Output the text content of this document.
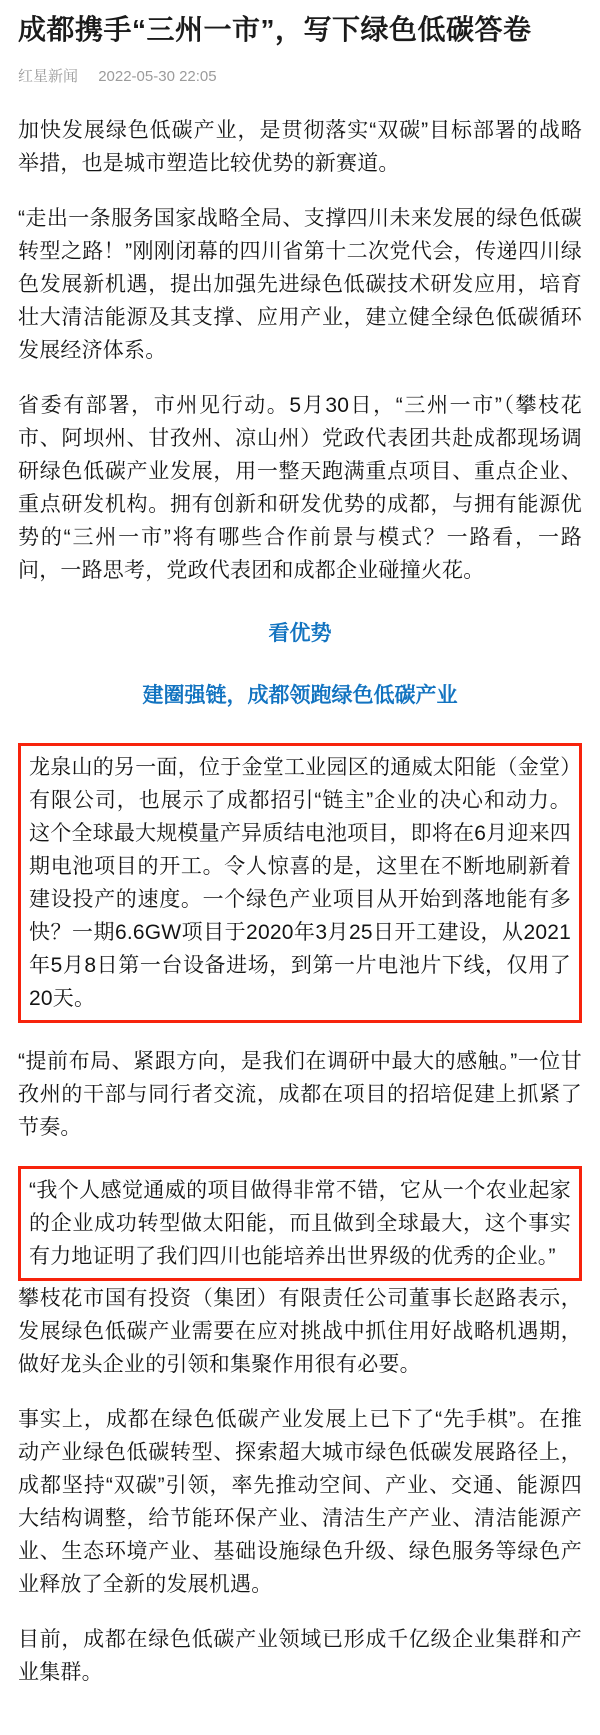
成都携手“三州一市”，写下绿色低碳答卷
红星新闻 2022-05-30 22:05

加快发展绿色低碳产业，是贯彻落实“双碳”目标部署的战略举措，也是城市塑造比较优势的新赛道。

“走出一条服务国家战略全局、支撑四川未来发展的绿色低碳转型之路！”刚刚闭幕的四川省第十二次党代会，传递四川绿色发展新机遇，提出加强先进绿色低碳技术研发应用，培育壮大清洁能源及其支撑、应用产业，建立健全绿色低碳循环发展经济体系。

省委有部署，市州见行动。5月30日，“三州一市”（攀枝花市、阿坝州、甘孜州、凉山州）党政代表团共赴成都现场调研绿色低碳产业发展，用一整天跑满重点项目、重点企业、重点研发机构。拥有创新和研发优势的成都，与拥有能源优势的“三州一市”将有哪些合作前景与模式？一路看，一路问，一路思考，党政代表团和成都企业碰撞火花。

看优势
建圈强链，成都领跑绿色低碳产业

龙泉山的另一面，位于金堂工业园区的通威太阳能（金堂）有限公司，也展示了成都招引“链主”企业的决心和动力。这个全球最大规模量产异质结电池项目，即将在6月迎来四期电池项目的开工。令人惊喜的是，这里在不断地刷新着建设投产的速度。一个绿色产业项目从开始到落地能有多快？一期6.6GW项目于2020年3月25日开工建设，从2021年5月8日第一台设备进场，到第一片电池片下线，仅用了20天。

“提前布局、紧跟方向，是我们在调研中最大的感触。”一位甘孜州的干部与同行者交流，成都在项目的招培促建上抓紧了节奏。

“我个人感觉通威的项目做得非常不错，它从一个农业起家的企业成功转型做太阳能，而且做到全球最大，这个事实有力地证明了我们四川也能培养出世界级的优秀的企业。”

攀枝花市国有投资（集团）有限责任公司董事长赵路表示，发展绿色低碳产业需要在应对挑战中抓住用好战略机遇期，做好龙头企业的引领和集聚作用很有必要。

事实上，成都在绿色低碳产业发展上已下了“先手棋”。在推动产业绿色低碳转型、探索超大城市绿色低碳发展路径上，成都坚持“双碳”引领，率先推动空间、产业、交通、能源四大结构调整，给节能环保产业、清洁生产产业、清洁能源产业、生态环境产业、基础设施绿色升级、绿色服务等绿色产业释放了全新的发展机遇。

目前，成都在绿色低碳产业领域已形成千亿级企业集群和产业集群。
